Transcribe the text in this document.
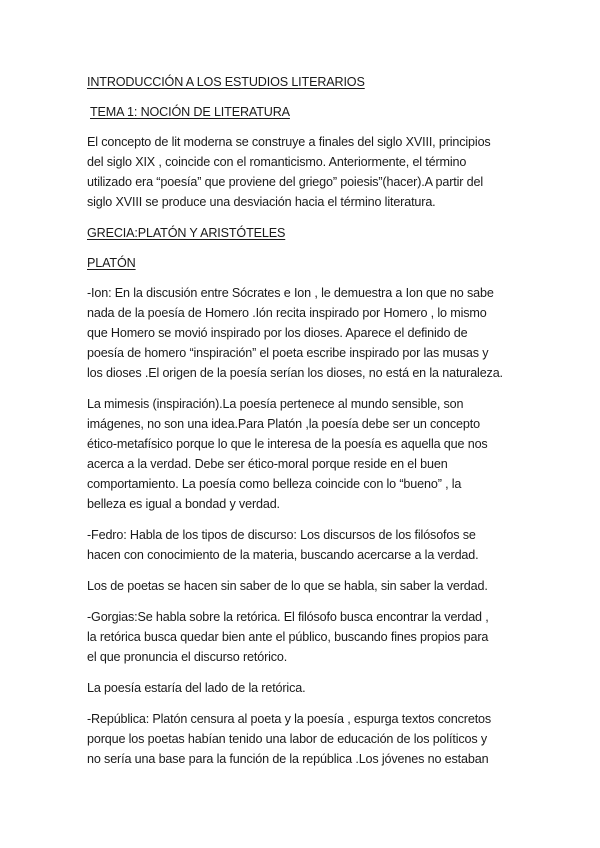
INTRODUCCIÓN A LOS ESTUDIOS LITERARIOS
TEMA 1: NOCIÓN DE LITERATURA

El concepto de lit moderna se construye a finales del siglo XVIII, principios
del siglo XIX , coincide con el romanticismo. Anteriormente, el término
utilizado era “poesía” que proviene del griego” poiesis”(hacer).A partir del
siglo XVIII se produce una desviación hacia el término literatura.

GRECIA:PLATÓN Y ARISTÓTELES
PLATÓN

-Ion: En la discusión entre Sócrates e Ion , le demuestra a Ion que no sabe
nada de la poesía de Homero .Ión recita inspirado por Homero , lo mismo
que Homero se movió inspirado por los dioses. Aparece el definido de
poesía de homero “inspiración” el poeta escribe inspirado por las musas y
los dioses .El origen de la poesía serían los dioses, no está en la naturaleza.

La mimesis (inspiración).La poesía pertenece al mundo sensible, son
imágenes, no son una idea.Para Platón ,la poesía debe ser un concepto
ético-metafísico porque lo que le interesa de la poesía es aquella que nos
acerca a la verdad. Debe ser ético-moral porque reside en el buen
comportamiento. La poesía como belleza coincide con lo “bueno” , la
belleza es igual a bondad y verdad.

-Fedro: Habla de los tipos de discurso: Los discursos de los filósofos se
hacen con conocimiento de la materia, buscando acercarse a la verdad.

Los de poetas se hacen sin saber de lo que se habla, sin saber la verdad.

-Gorgias:Se habla sobre la retórica. El filósofo busca encontrar la verdad ,
la retórica busca quedar bien ante el público, buscando fines propios para
el que pronuncia el discurso retórico.

La poesía estaría del lado de la retórica.

-República: Platón censura al poeta y la poesía , espurga textos concretos
porque los poetas habían tenido una labor de educación de los políticos y
no sería una base para la función de la república .Los jóvenes no estaban
